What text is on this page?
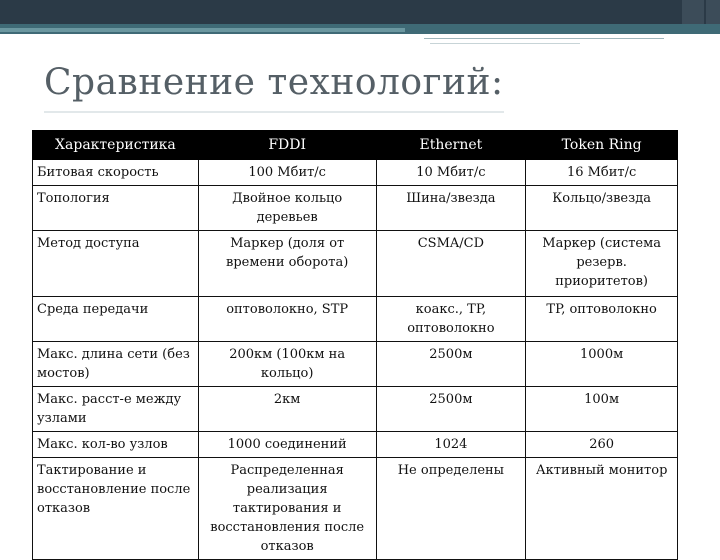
Сравнение технологий:
Характеристика	FDDI	Ethernet	Token Ring
Битовая скорость	100 Мбит/с	10 Мбит/с	16 Мбит/с
Топология	Двойное кольцо деревьев	Шина/звезда	Кольцо/звезда
Метод доступа	Маркер (доля от времени оборота)	CSMA/CD	Маркер (система резерв. приоритетов)
Среда передачи	оптоволокно, STP	коакс., TP, оптоволокно	TP, оптоволокно
Макс. длина сети (без мостов)	200км (100км на кольцо)	2500м	1000м
Макс. расст-е между узлами	2км	2500м	100м
Макс. кол-во узлов	1000 соединений	1024	260
Тактирование и восстановление после отказов	Распределенная реализация тактирования и восстановления после отказов	Не определены	Активный монитор
